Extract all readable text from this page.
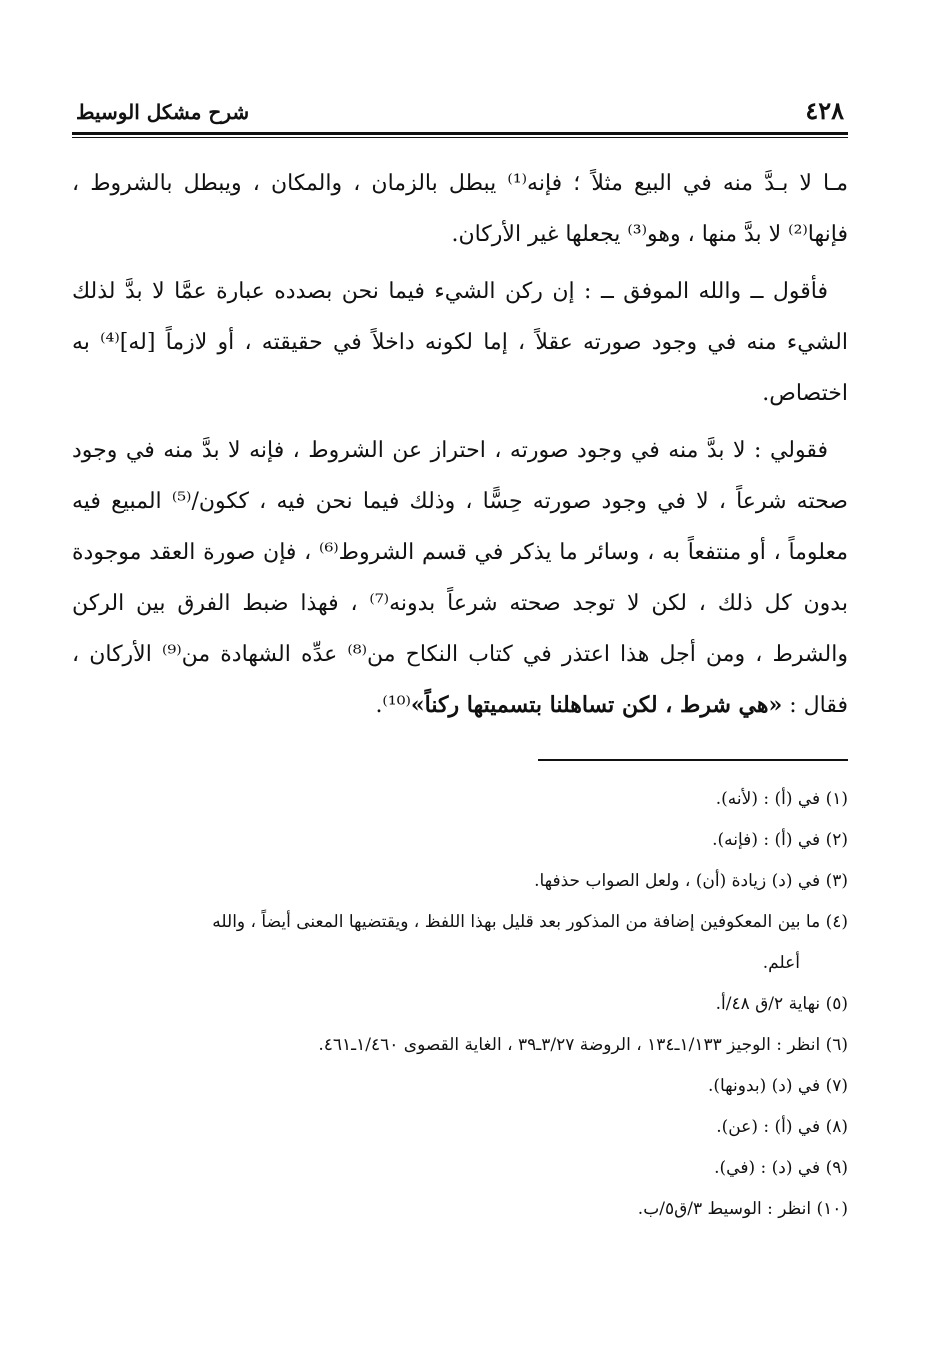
٤٢٨
شرح مشكل الوسيط

مـا لا بـدَّ منه في البيع مثلاً ؛ فإنه⁽¹⁾ يبطل بالزمان ، والمكان ، ويبطل بالشروط ، فإنها⁽²⁾ لا بدَّ منها ، وهو⁽³⁾ يجعلها غير الأركان.

فأقول ــ والله الموفق ــ : إن ركن الشيء فيما نحن بصدده عبارة عمَّا لا بدَّ لذلك الشيء منه في وجود صورته عقلاً ، إما لكونه داخلاً في حقيقته ، أو لازماً [له]⁽⁴⁾ به اختصاص.

فقولي : لا بدَّ منه في وجود صورته ، احتراز عن الشروط ، فإنه لا بدَّ منه في وجود صحته شرعاً ، لا في وجود صورته حِسًّا ، وذلك فيما نحن فيه ، ككون/⁽⁵⁾ المبيع فيه معلوماً ، أو منتفعاً به ، وسائر ما يذكر في قسم الشروط⁽⁶⁾ ، فإن صورة العقد موجودة بدون كل ذلك ، لكن لا توجد صحته شرعاً بدونه⁽⁷⁾ ، فهذا ضبط الفرق بين الركن والشرط ، ومن أجل هذا اعتذر في كتاب النكاح من⁽⁸⁾ عدِّه الشهادة من⁽⁹⁾ الأركان ، فقال : «هي شرط ، لكن تساهلنا بتسميتها ركناً»⁽¹⁰⁾.

(١) في (أ) : (لأنه).

(٢) في (أ) : (فإنه).

(٣) في (د) زيادة (أن) ، ولعل الصواب حذفها.

(٤) ما بين المعكوفين إضافة من المذكور بعد قليل بهذا اللفظ ، ويقتضيها المعنى أيضاً ، والله

أعلم.

(٥) نهاية ٢/ق ٤٨/أ.

(٦) انظر : الوجيز ١/١٣٣ـ١٣٤ ، الروضة ٣/٢٧ـ٣٩ ، الغاية القصوى ١/٤٦٠ـ٤٦١.

(٧) في (د) (بدونها).

(٨) في (أ) : (عن).

(٩) في (د) : (في).

(١٠) انظر : الوسيط ٣/ق٥/ب.
